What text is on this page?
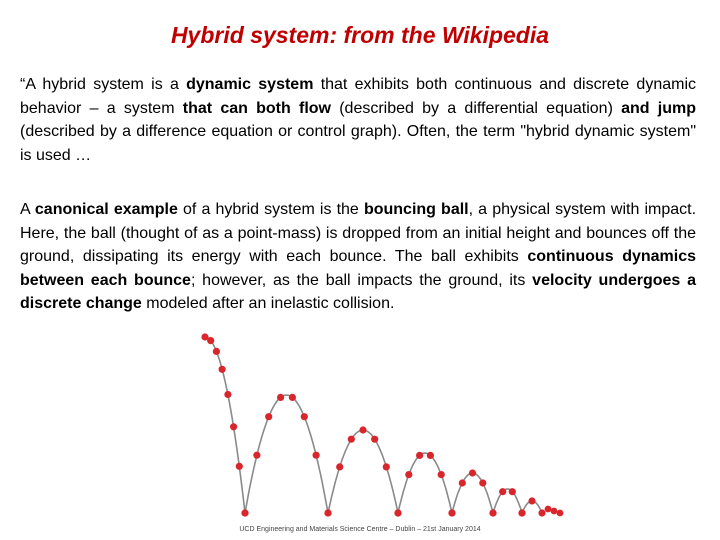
Hybrid system: from the Wikipedia

“A hybrid system is a dynamic system that exhibits both continuous and discrete dynamic behavior – a system that can both flow (described by a differential equation) and jump (described by a difference equation or control graph). Often, the term "hybrid dynamic system" is used …

A canonical example of a hybrid system is the bouncing ball, a physical system with impact. Here, the ball (thought of as a point-mass) is dropped from an initial height and bounces off the ground, dissipating its energy with each bounce. The ball exhibits continuous dynamics between each bounce; however, as the ball impacts the ground, its velocity undergoes a discrete change modeled after an inelastic collision.

UCD Engineering and Materials Science Centre – Dublin – 21st January 2014
